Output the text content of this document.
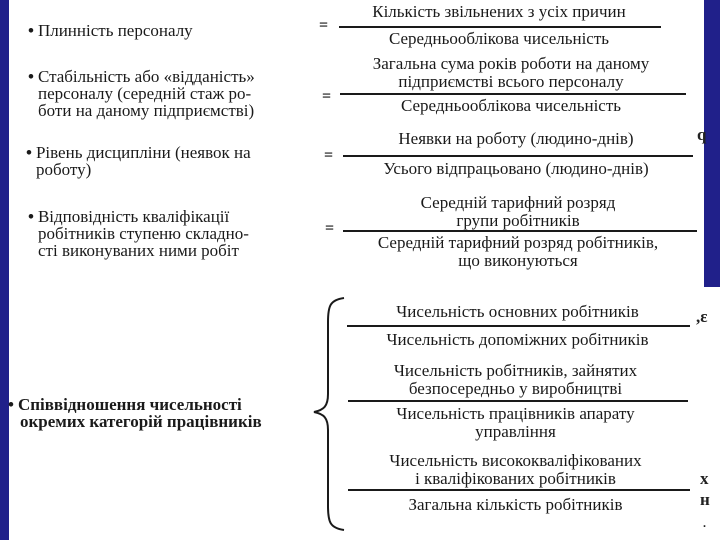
q
,ε
х
н
.
• Плинність персоналу	=
Кількість звільнених з усіх причин
Середньооблікова чисельність
• Стабільність або «відданість»
персоналу (середній стаж ро-
боти на даному підприємстві)
=
Загальна сума років роботи на даному
підприємстві всього персоналу
Середньооблікова чисельність
• Рівень дисципліни (неявок на
роботу)
=
Неявки на роботу (людино-днів)
Усього відпрацьовано (людино-днів)
• Відповідність кваліфікації
робітників ступеню складно-
сті виконуваних ними робіт
=
Середній тарифний розряд
групи робітників
Середній тарифний розряд робітників,
що виконуються
• Співвідношення чисельності
окремих категорій працівників
Чисельність основних робітників
Чисельність допоміжних робітників
Чисельність робітників, зайнятих
безпосередньо у виробництві
Чисельність працівників апарату
управління
Чисельність висококваліфікованих
і кваліфікованих робітників
Загальна кількість робітників
